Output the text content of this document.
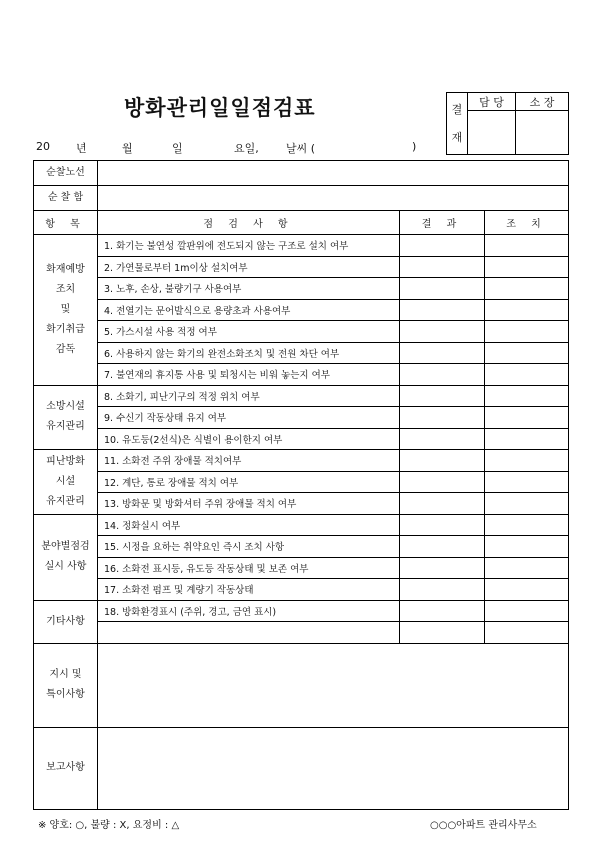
방화관리일일점검표
20 년	월	일	요일, 날씨 (	)
결
재	담 당	소 장

순찰노선			
순 찰 함			
항 목	점 검 사 항	결 과	조 치

화재예방
조치
및
화기취급
감독	1. 화기는 불연성 깔판위에 전도되지 않는 구조로 설치 여부		
	2. 가연물로부터 1m이상 설치여부		
	3. 노후, 손상, 불량기구 사용여부		
	4. 전열기는 문어발식으로 용량초과 사용여부		
	5. 가스시설 사용 적정 여부		
	6. 사용하지 않는 화기의 완전소화조치 및 전원 차단 여부		
	7. 불연재의 휴지통 사용 및 퇴청시는 비워 놓는지 여부		

소방시설
유지관리	8. 소화기, 피난기구의 적정 위치 여부		
	9. 수신기 작동상태 유지 여부		
	10. 유도등(2선식)은 식별이 용이한지 여부		

피난방화
시설
유지관리	11. 소화전 주위 장애물 적치여부		
	12. 계단, 통로 장애물 적치 여부		
	13. 방화문 및 방화셔터 주위 장애물 적치 여부		

분야별점검
실시 사항	14. 정화실시 여부		
	15. 시정을 요하는 취약요인 즉시 조치 사항		
	16. 소화전 표시등, 유도등 작동상태 및 보존 여부		
	17. 소화전 펌프 및 계량기 작동상태		

기타사항	18. 방화환경표시 (주위, 경고, 금연 표시)		

지시 및
특이사항			

보고사항			
※ 양호: ○, 불량 : X, 요정비 : △	○○○아파트 관리사무소
